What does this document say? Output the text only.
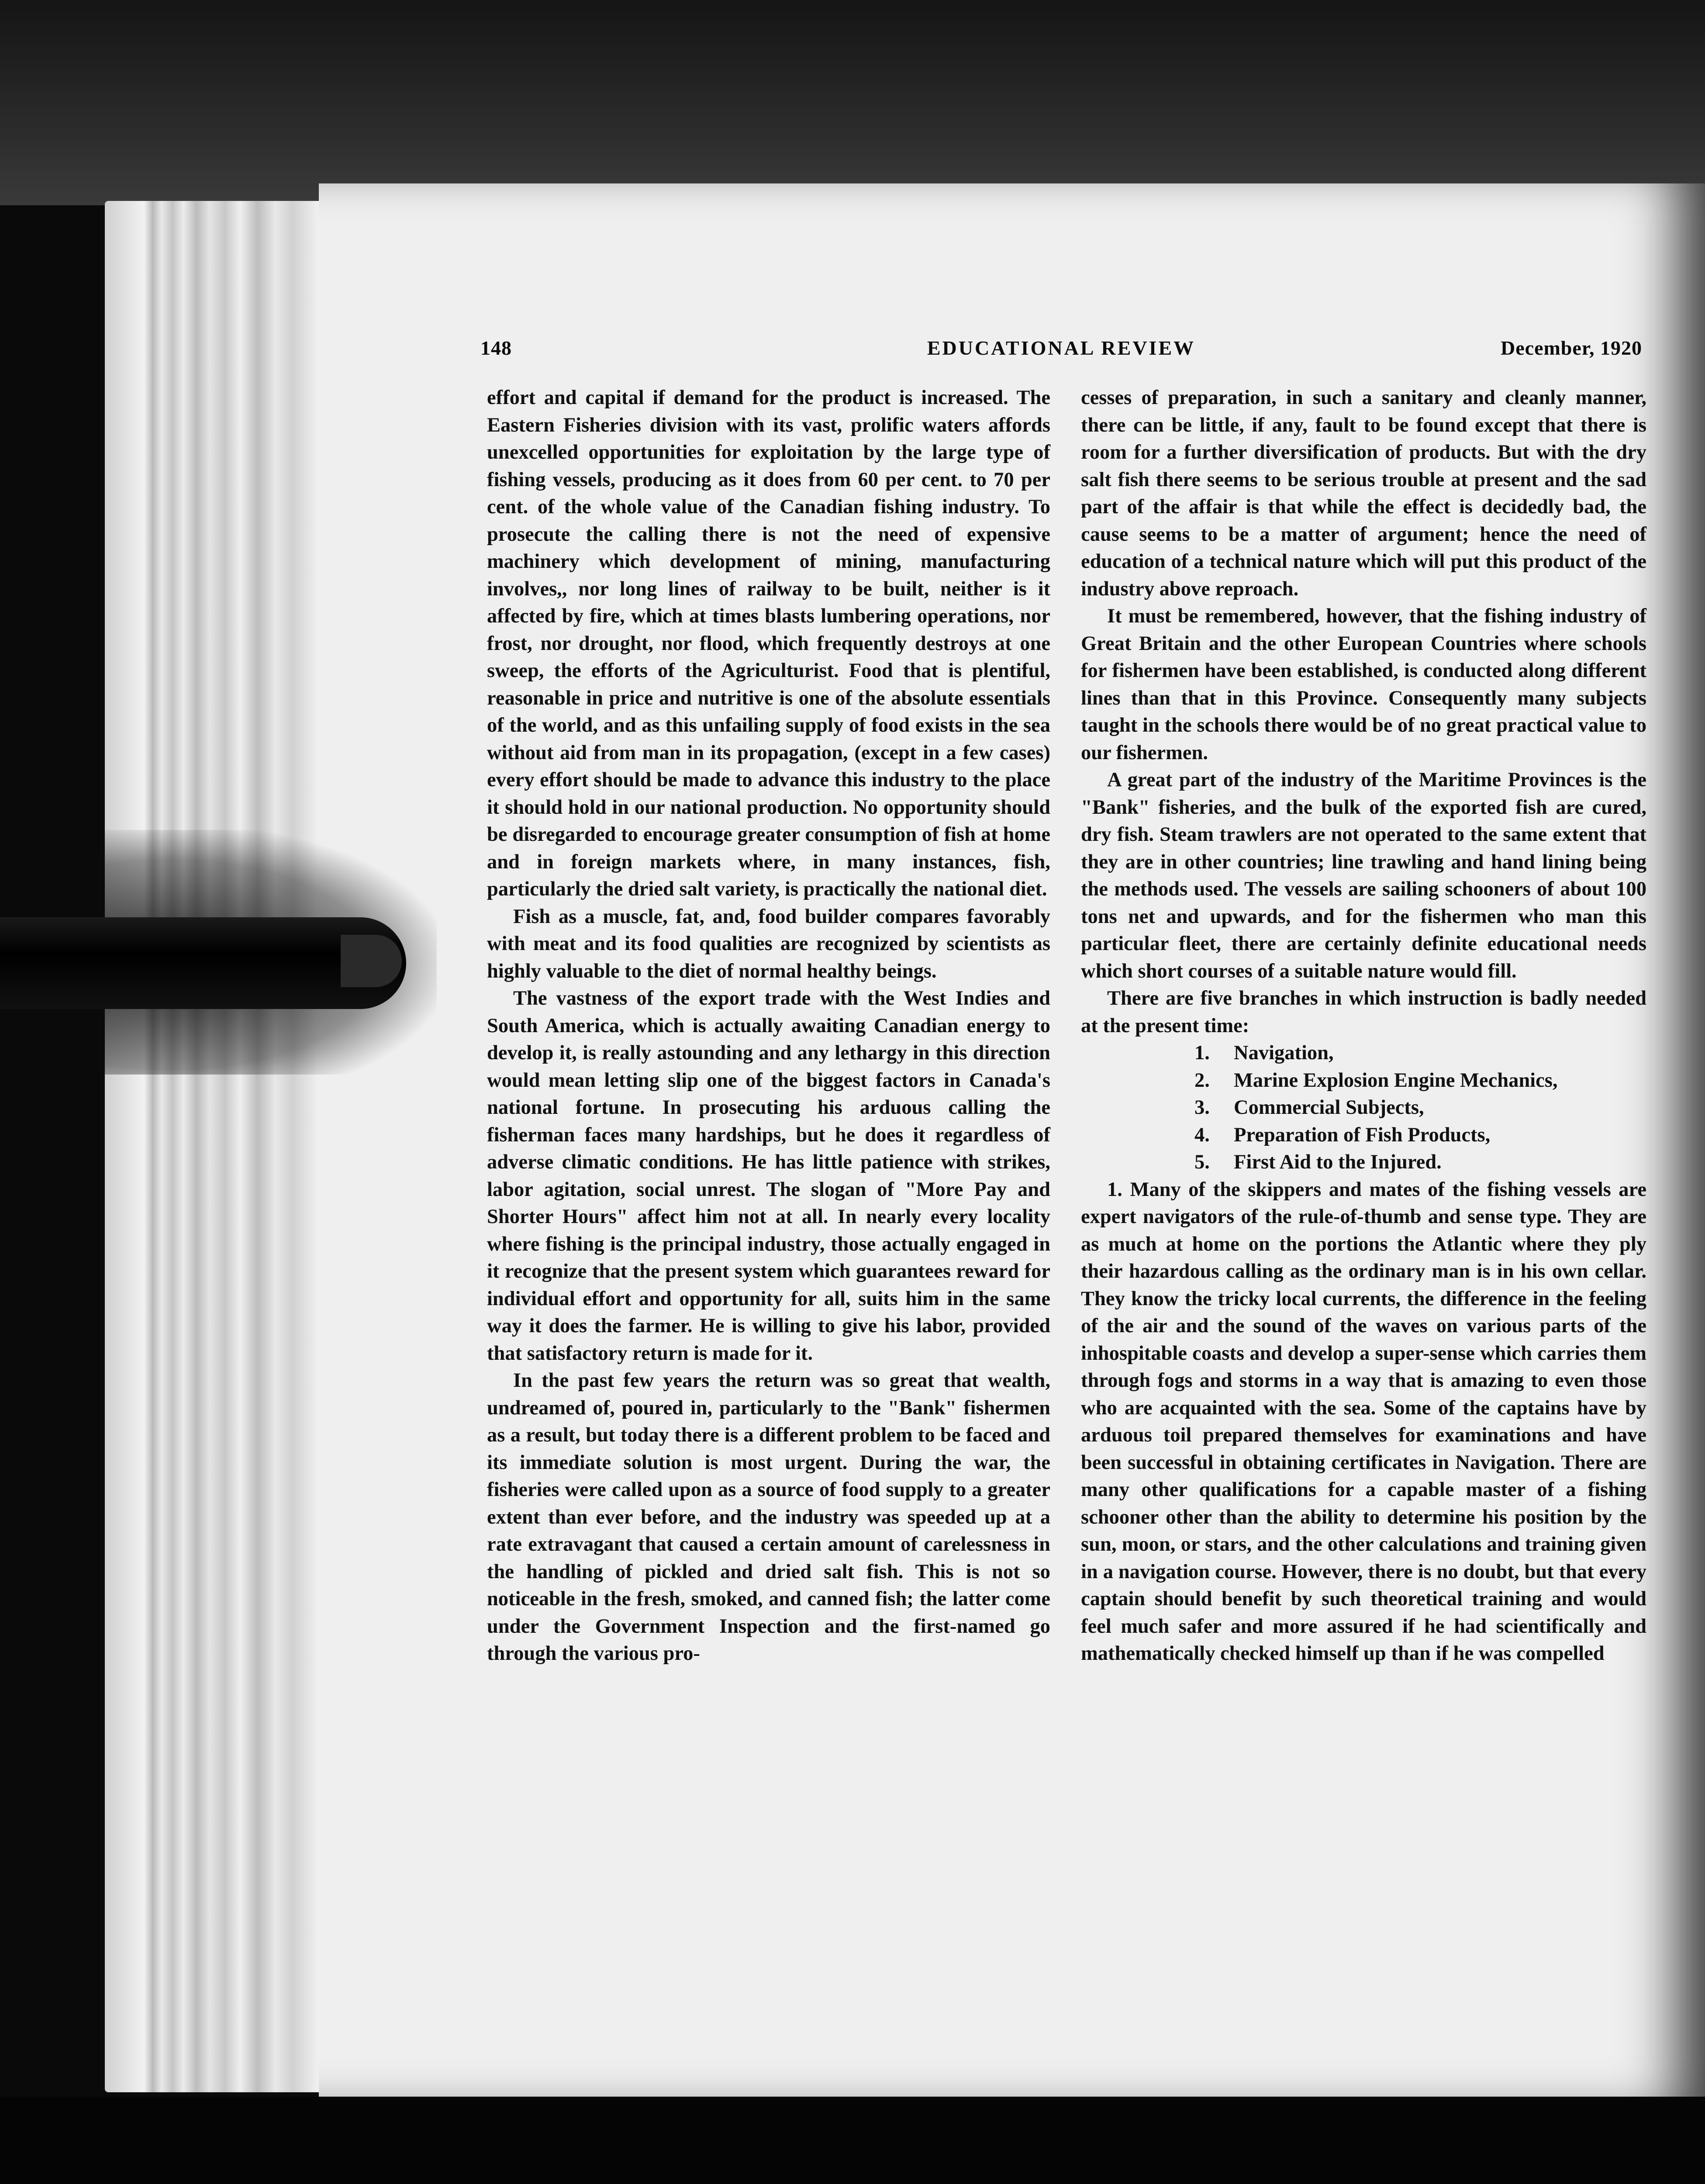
148	EDUCATIONAL REVIEW	December, 1920

effort and capital if demand for the product is increased. The Eastern Fisheries division with its vast, prolific waters affords unexcelled opportunities for exploitation by the large type of fishing vessels, producing as it does from 60 per cent. to 70 per cent. of the whole value of the Canadian fishing industry. To prosecute the calling there is not the need of expensive machinery which development of mining, manufacturing involves,, nor long lines of railway to be built, neither is it affected by fire, which at times blasts lumbering operations, nor frost, nor drought, nor flood, which frequently destroys at one sweep, the efforts of the Agriculturist. Food that is plentiful, reasonable in price and nutritive is one of the absolute essentials of the world, and as this unfailing supply of food exists in the sea without aid from man in its propagation, (except in a few cases) every effort should be made to advance this industry to the place it should hold in our national production. No opportunity should be disregarded to encourage greater consumption of fish at home and in foreign markets where, in many instances, fish, particularly the dried salt variety, is practically the national diet.

Fish as a muscle, fat, and, food builder compares favorably with meat and its food qualities are recognized by scientists as highly valuable to the diet of normal healthy beings.

The vastness of the export trade with the West Indies and South America, which is actually awaiting Canadian energy to develop it, is really astounding and any lethargy in this direction would mean letting slip one of the biggest factors in Canada's national fortune. In prosecuting his arduous calling the fisherman faces many hardships, but he does it regardless of adverse climatic conditions. He has little patience with strikes, labor agitation, social unrest. The slogan of "More Pay and Shorter Hours" affect him not at all. In nearly every locality where fishing is the principal industry, those actually engaged in it recognize that the present system which guarantees reward for individual effort and opportunity for all, suits him in the same way it does the farmer. He is willing to give his labor, provided that satisfactory return is made for it.

In the past few years the return was so great that wealth, undreamed of, poured in, particularly to the "Bank" fishermen as a result, but today there is a different problem to be faced and its immediate solution is most urgent. During the war, the fisheries were called upon as a source of food supply to a greater extent than ever before, and the industry was speeded up at a rate extravagant that caused a certain amount of carelessness in the handling of pickled and dried salt fish. This is not so noticeable in the fresh, smoked, and canned fish; the latter come under the Government Inspection and the first-named go through the various pro-

cesses of preparation, in such a sanitary and cleanly manner, there can be little, if any, fault to be found except that there is room for a further diversification of products. But with the dry salt fish there seems to be serious trouble at present and the sad part of the affair is that while the effect is decidedly bad, the cause seems to be a matter of argument; hence the need of education of a technical nature which will put this product of the industry above reproach.

It must be remembered, however, that the fishing industry of Great Britain and the other European Countries where schools for fishermen have been established, is conducted along different lines than that in this Province. Consequently many subjects taught in the schools there would be of no great practical value to our fishermen.

A great part of the industry of the Maritime Provinces is the "Bank" fisheries, and the bulk of the exported fish are cured, dry fish. Steam trawlers are not operated to the same extent that they are in other countries; line trawling and hand lining being the methods used. The vessels are sailing schooners of about 100 tons net and upwards, and for the fishermen who man this particular fleet, there are certainly definite educational needs which short courses of a suitable nature would fill.

There are five branches in which instruction is badly needed at the present time:

1. Navigation,
2. Marine Explosion Engine Mechanics,
3. Commercial Subjects,
4. Preparation of Fish Products,
5. First Aid to the Injured.

1. Many of the skippers and mates of the fishing vessels are expert navigators of the rule-of-thumb and sense type. They are as much at home on the portions the Atlantic where they ply their hazardous calling as the ordinary man is in his own cellar. They know the tricky local currents, the difference in the feeling of the air and the sound of the waves on various parts of the inhospitable coasts and develop a super-sense which carries them through fogs and storms in a way that is amazing to even those who are acquainted with the sea. Some of the captains have by arduous toil prepared themselves for examinations and have been successful in obtaining certificates in Navigation. There are many other qualifications for a capable master of a fishing schooner other than the ability to determine his position by the sun, moon, or stars, and the other calculations and training given in a navigation course. However, there is no doubt, but that every captain should benefit by such theoretical training and would feel much safer and more assured if he had scientifically and mathematically checked himself up than if he was compelled
